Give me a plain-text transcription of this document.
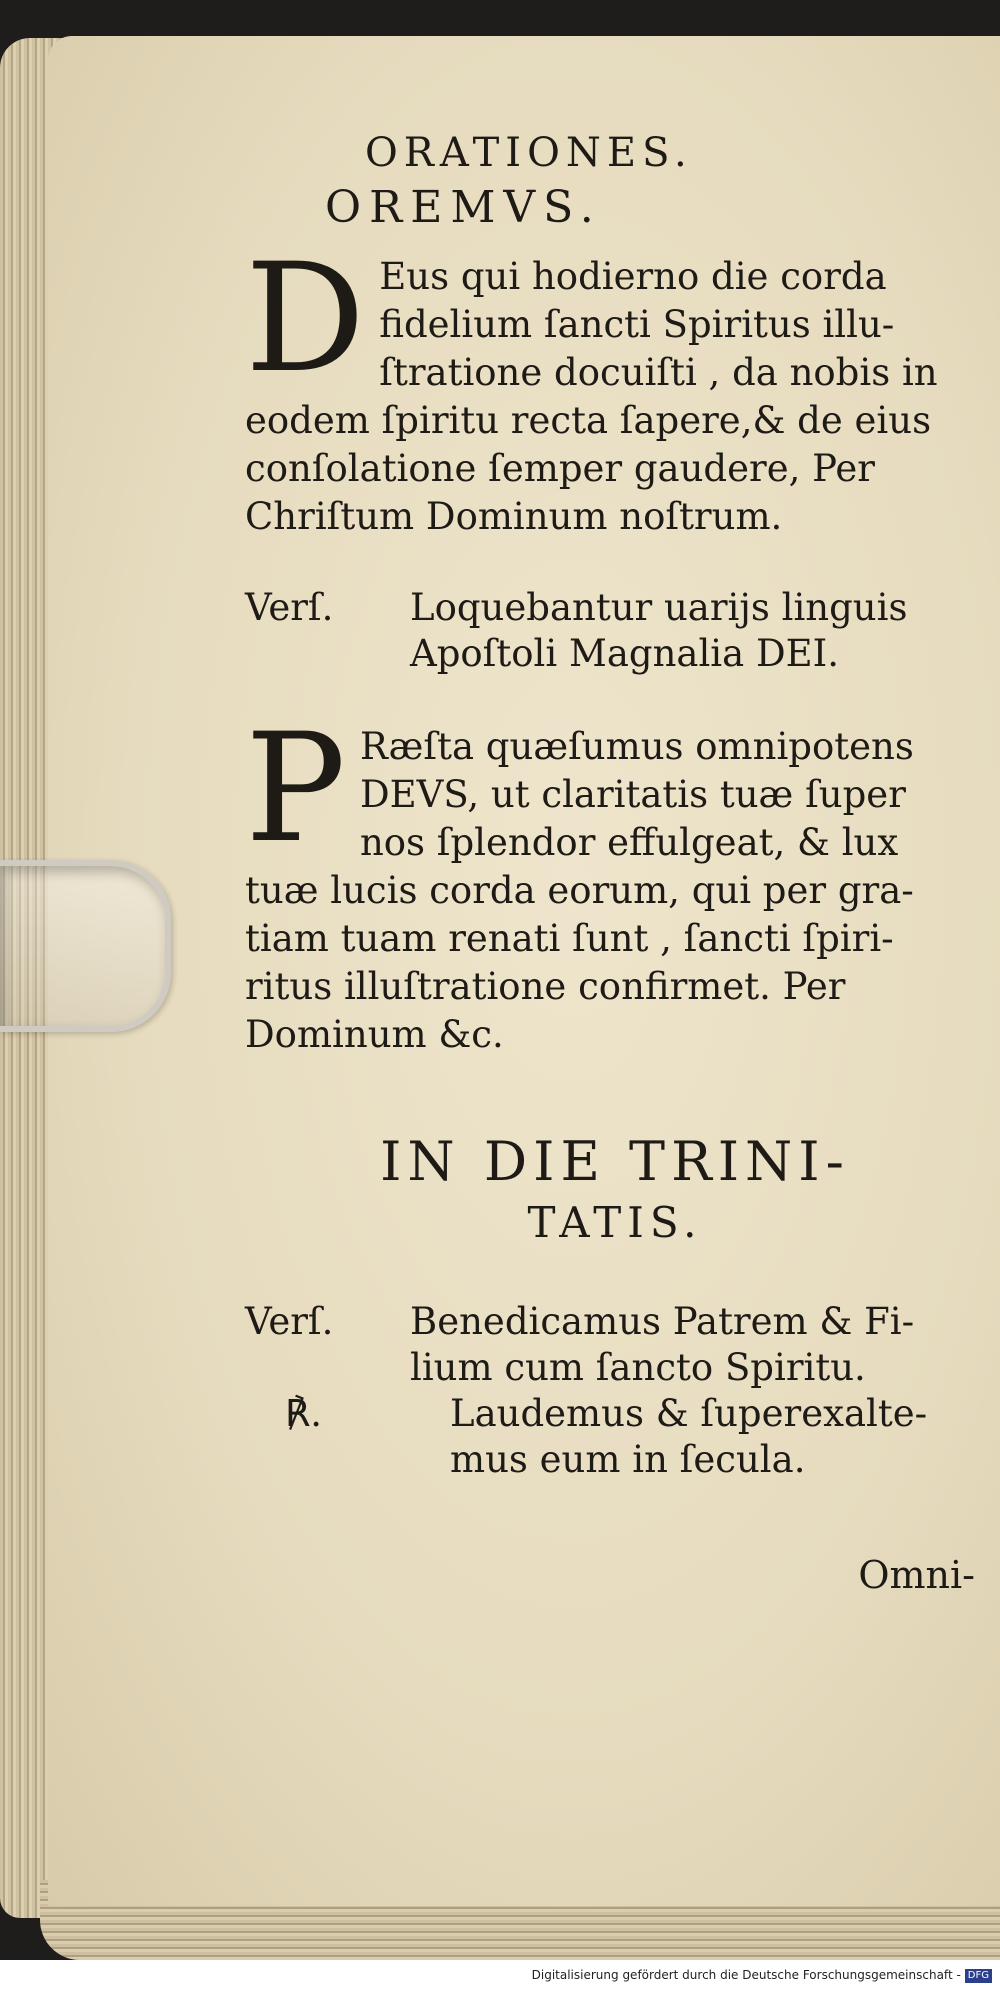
ORATIONES.
OREMVS.
D Eus qui hodierno die corda
fidelium ſancti Spiritus illu-
ſtratione docuiſti , da nobis in
eodem ſpiritu recta ſapere,& de eius
conſolatione ſemper gaudere, Per
Chriſtum Dominum noſtrum.
Verſ.	Loquebantur uarijs linguis
Apoſtoli Magnalia DEI.
P Ræſta quæſumus omnipotens
DEVS, ut claritatis tuæ ſuper
nos ſplendor effulgeat, & lux
tuæ lucis corda eorum, qui per gra-
tiam tuam renati ſunt , ſancti ſpiri-
ritus illuſtratione confirmet. Per
Dominum &c.
IN DIE TRINI-
TATIS.
Verſ.	Benedicamus Patrem & Fi-
lium cum ſancto Spiritu.
℟.	Laudemus & ſuperexalte-
mus eum in ſecula.
Omni-
Digitalisierung gefördert durch die Deutsche Forschungsgemeinschaft - DFG
